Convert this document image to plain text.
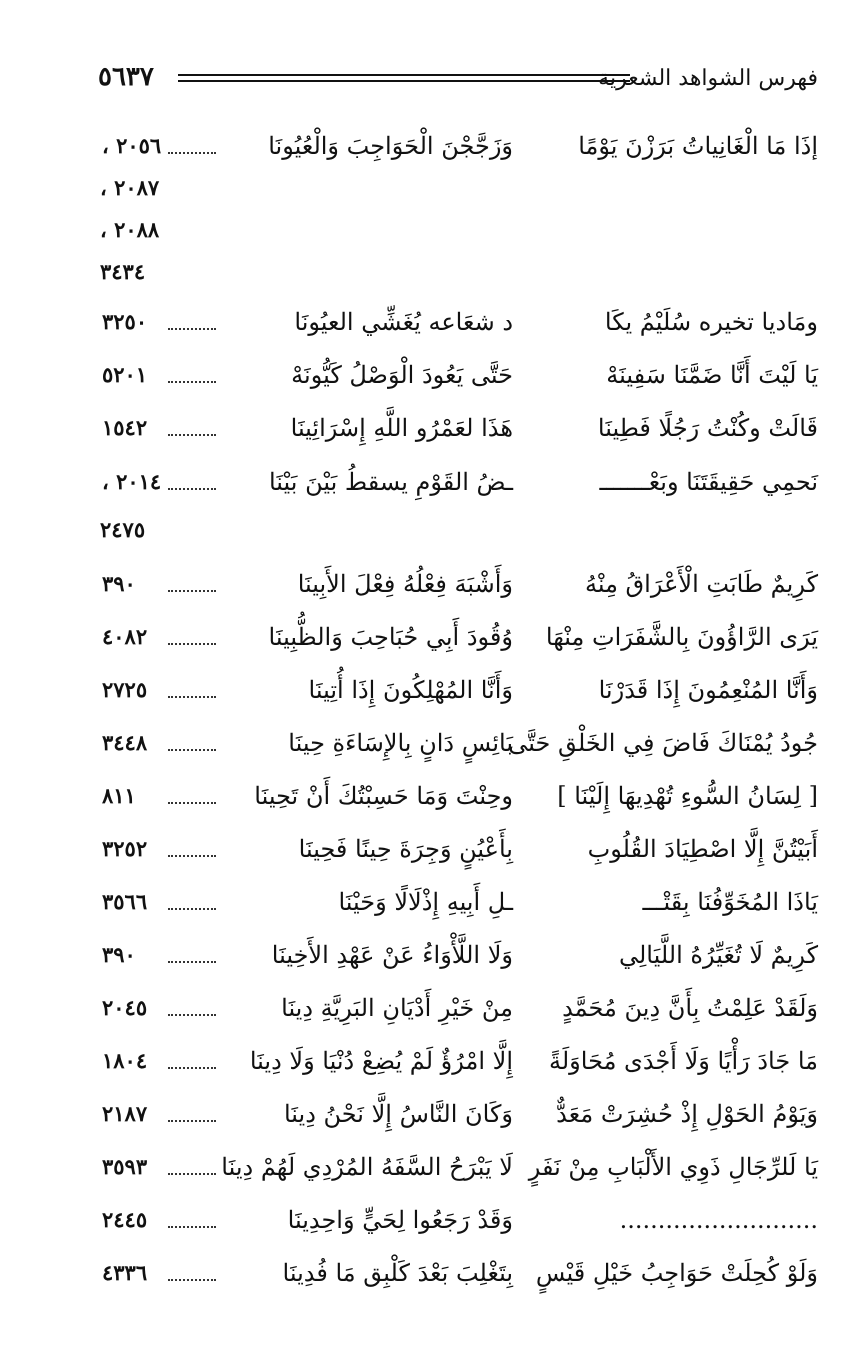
فهرس الشواهد الشعرية
٥٦٣٧
إذَا مَا الْغَانِياتُ بَرَزْنَ يَوْمًا
وَزَجَّجْنَ الْحَوَاجِبَ وَالْعُيُونَا
٢٠٥٦ ،
٢٠٨٧ ،
٢٠٨٨ ،
٣٤٣٤
ومَاديا تخيره سُلَيْمُ يكَا
د شعَاعه يُغَشِّي العيُونَا
٣٢٥٠
يَا لَيْتَ أَنَّا ضَمَّنَا سَفِينَهْ
حَتَّى يَعُودَ الْوَصْلُ كَيُّونَهْ
٥٢٠١
قَالَتْ وكُنْتُ رَجُلًا فَطِينَا
هَذَا لعَمْرُو اللَّهِ إِسْرَائِينَا
١٥٤٢
نَحمِي حَقِيقَتَنَا وبَعْـــــــ
ـضُ القَوْمِ يسقطُ بَيْنَ بَيْنَا
٢٠١٤ ،
٢٤٧٥
كَرِيمٌ طَابَتِ الْأَعْرَاقُ مِنْهُ
وَأَشْبَهَ فِعْلُهُ فِعْلَ الأَبِينَا
٣٩٠
يَرَى الرَّاؤُونَ بِالشَّفَرَاتِ مِنْهَا
وُقُودَ أَبِي حُبَاحِبَ وَالظُّبِينَا
٤٠٨٢
وَأَنَّا المُنْعِمُونَ إِذَا قَدَرْنَا
وَأَنَّا المُهْلِكُونَ إِذَا أُتِينَا
٢٧٢٥
جُودُ يُمْنَاكَ فَاضَ فِي الخَلْقِ حَتَّى
بَائِسٍ دَانٍ بِالإِسَاءَةِ حِينَا
٣٤٤٨
[ لِسَانُ السُّوءِ تُهْدِيهَا إِلَيْنَا ]
وحِنْتَ وَمَا حَسِبْتُكَ أَنْ تَحِينَا
٨١١
أَبَيْتُنَّ إِلَّا اصْطِيَادَ القُلُوبِ
بِأَعْيُنٍ وَجِرَةَ حِينًا فَحِينَا
٣٢٥٢
يَاذَا المُخَوِّفُنَا بِقَتْـــ
ـلِ أَبِيهِ إِذْلَالًا وَحَيْنَا
٣٥٦٦
كَرِيمٌ لَا تُغَيِّرُهُ اللَّيَالِي
وَلَا اللَّأْوَاءُ عَنْ عَهْدِ الأَخِينَا
٣٩٠
وَلَقَدْ عَلِمْتُ بِأَنَّ دِينَ مُحَمَّدٍ
مِنْ خَيْرِ أَدْيَانِ البَرِيَّةِ دِينَا
٢٠٤٥
مَا جَادَ رَأْيًا وَلَا أَجْدَى مُحَاوَلَةً
إِلَّا امْرُؤٌ لَمْ يُضِعْ دُنْيَا وَلَا دِينَا
١٨٠٤
وَيَوْمُ الحَوْلِ إِذْ حُشِرَتْ مَعَدٌّ
وَكَانَ النَّاسُ إِلَّا نَحْنُ دِينَا
٢١٨٧
يَا لَلرِّجَالِ ذَوِي الأَلْبَابِ مِنْ نَفَرٍ
لَا يَبْرَحُ السَّفَهُ المُرْدِي لَهُمْ دِينَا
٣٥٩٣
..........................
وَقَدْ رَجَعُوا لِحَيٍّ وَاحِدِينَا
٢٤٤٥
وَلَوْ كُحِلَتْ حَوَاجِبُ خَيْلِ قَيْسٍ
بِتَغْلِبَ بَعْدَ كَلْبِق مَا فُدِينَا
٤٣٣٦
